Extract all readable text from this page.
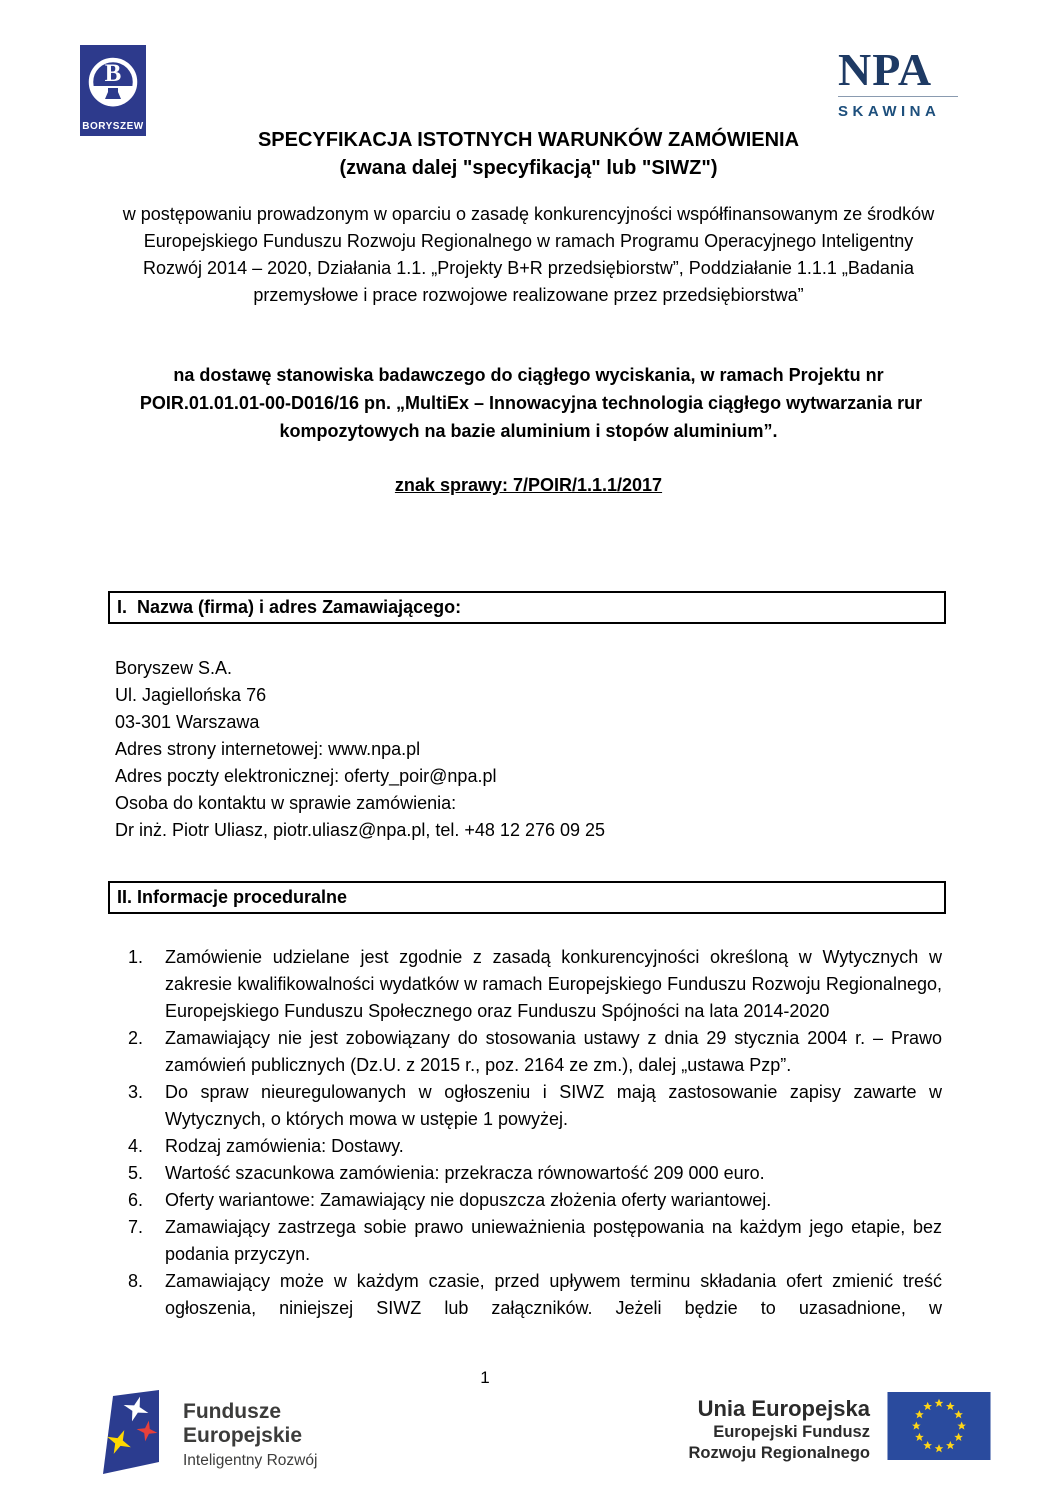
B
BORYSZEW
NPA
SKAWINA
SPECYFIKACJA ISTOTNYCH WARUNKÓW ZAMÓWIENIA
(zwana dalej "specyfikacją" lub "SIWZ")

w postępowaniu prowadzonym w oparciu o zasadę konkurencyjności współfinansowanym ze środków Europejskiego Funduszu Rozwoju Regionalnego w ramach Programu Operacyjnego Inteligentny Rozwój 2014 – 2020, Działania 1.1. „Projekty B+R przedsiębiorstw”, Poddziałanie 1.1.1 „Badania przemysłowe i prace rozwojowe realizowane przez przedsiębiorstwa”

na dostawę stanowiska badawczego do ciągłego wyciskania, w ramach Projektu nr  POIR.01.01.01-00-D016/16 pn. „MultiEx – Innowacyjna technologia ciągłego wytwarzania rur kompozytowych na bazie aluminium i stopów aluminium”.

znak sprawy: 7/POIR/1.1.1/2017

I.  Nazwa (firma) i adres Zamawiającego:
Boryszew S.A.
Ul. Jagiellońska 76
03-301 Warszawa
Adres strony internetowej: www.npa.pl
Adres poczty elektronicznej: oferty_poir@npa.pl
Osoba do kontaktu w sprawie zamówienia:
Dr inż. Piotr Uliasz, piotr.uliasz@npa.pl, tel. +48 12 276 09 25
II. Informacje proceduralne
Zamówienie udzielane jest zgodnie z zasadą konkurencyjności określoną w Wytycznych w zakresie kwalifikowalności wydatków w ramach Europejskiego Funduszu Rozwoju Regionalnego, Europejskiego Funduszu Społecznego oraz Funduszu Spójności na lata 2014-2020
Zamawiający nie jest zobowiązany do stosowania ustawy z dnia 29 stycznia 2004 r. – Prawo zamówień publicznych (Dz.U. z 2015 r., poz. 2164 ze zm.), dalej „ustawa Pzp”.
Do spraw nieuregulowanych w ogłoszeniu i SIWZ mają zastosowanie zapisy zawarte w Wytycznych, o których mowa w ustępie 1 powyżej.
Rodzaj zamówienia: Dostawy.
Wartość szacunkowa zamówienia: przekracza równowartość 209 000 euro.
Oferty wariantowe: Zamawiający nie dopuszcza złożenia oferty wariantowej.
Zamawiający zastrzega sobie prawo unieważnienia postępowania na każdym jego etapie, bez podania przyczyn.
Zamawiający może w każdym czasie, przed upływem terminu składania ofert zmienić treść ogłoszenia, niniejszej SIWZ lub załączników. Jeżeli będzie to uzasadnione, w
1
Fundusze
Europejskie
Inteligentny Rozwój
Unia Europejska
Europejski Fundusz
Rozwoju Regionalnego
